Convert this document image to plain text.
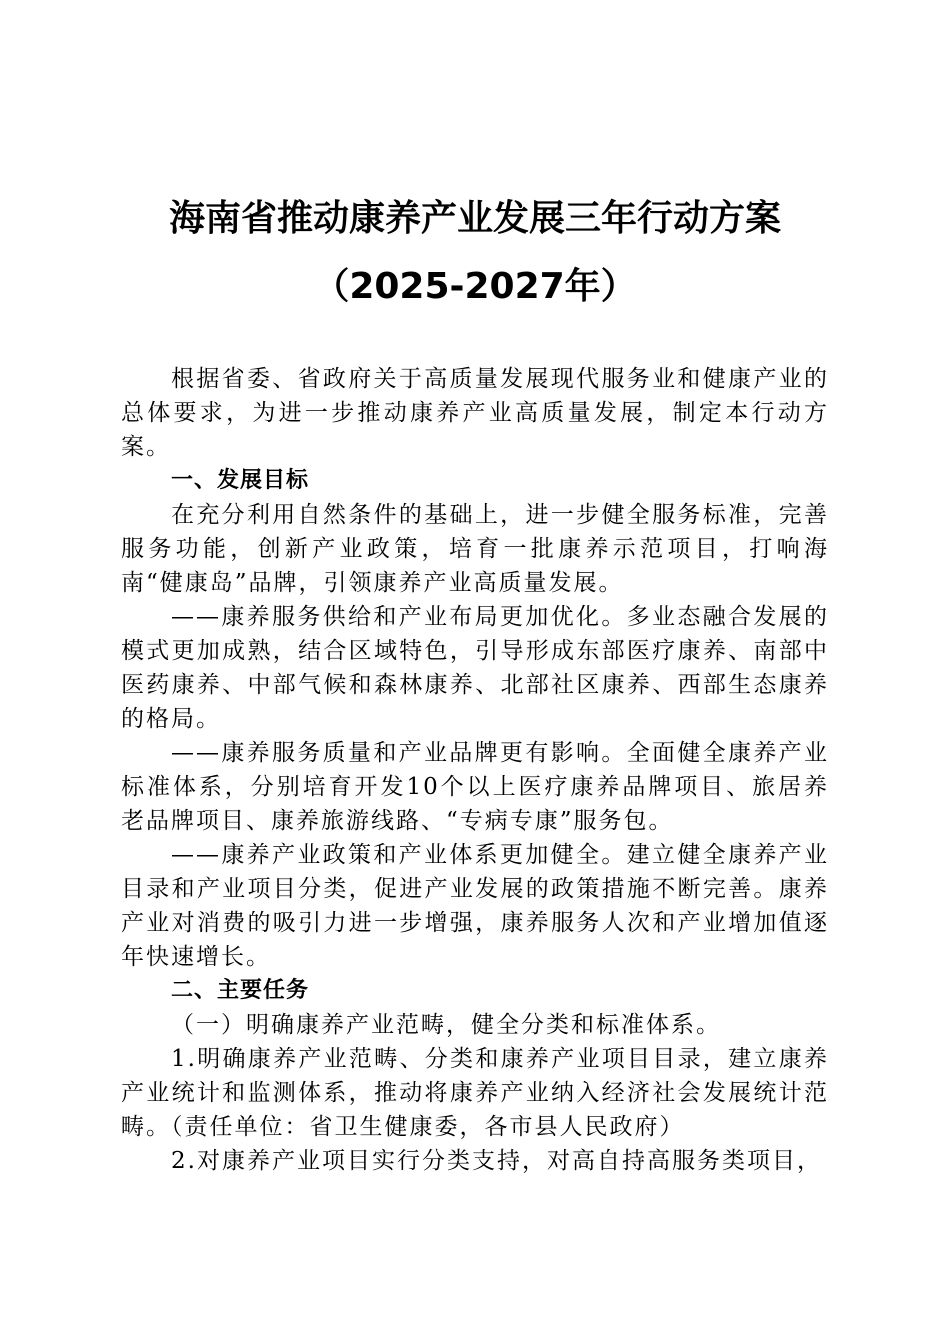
海南省推动康养产业发展三年行动方案
（2025-2027年）

根据省委、省政府关于高质量发展现代服务业和健康产业的总体要求，为进一步推动康养产业高质量发展，制定本行动方案。

一、发展目标

在充分利用自然条件的基础上，进一步健全服务标准，完善服务功能，创新产业政策，培育一批康养示范项目，打响海南“健康岛”品牌，引领康养产业高质量发展。

——康养服务供给和产业布局更加优化。多业态融合发展的模式更加成熟，结合区域特色，引导形成东部医疗康养、南部中医药康养、中部气候和森林康养、北部社区康养、西部生态康养的格局。

——康养服务质量和产业品牌更有影响。全面健全康养产业标准体系，分别培育开发10个以上医疗康养品牌项目、旅居养老品牌项目、康养旅游线路、“专病专康”服务包。

——康养产业政策和产业体系更加健全。建立健全康养产业目录和产业项目分类，促进产业发展的政策措施不断完善。康养产业对消费的吸引力进一步增强，康养服务人次和产业增加值逐年快速增长。

二、主要任务

（一）明确康养产业范畴，健全分类和标准体系。

1.明确康养产业范畴、分类和康养产业项目目录，建立康养产业统计和监测体系，推动将康养产业纳入经济社会发展统计范畴。（责任单位：省卫生健康委，各市县人民政府）

2.对康养产业项目实行分类支持，对高自持高服务类项目，
